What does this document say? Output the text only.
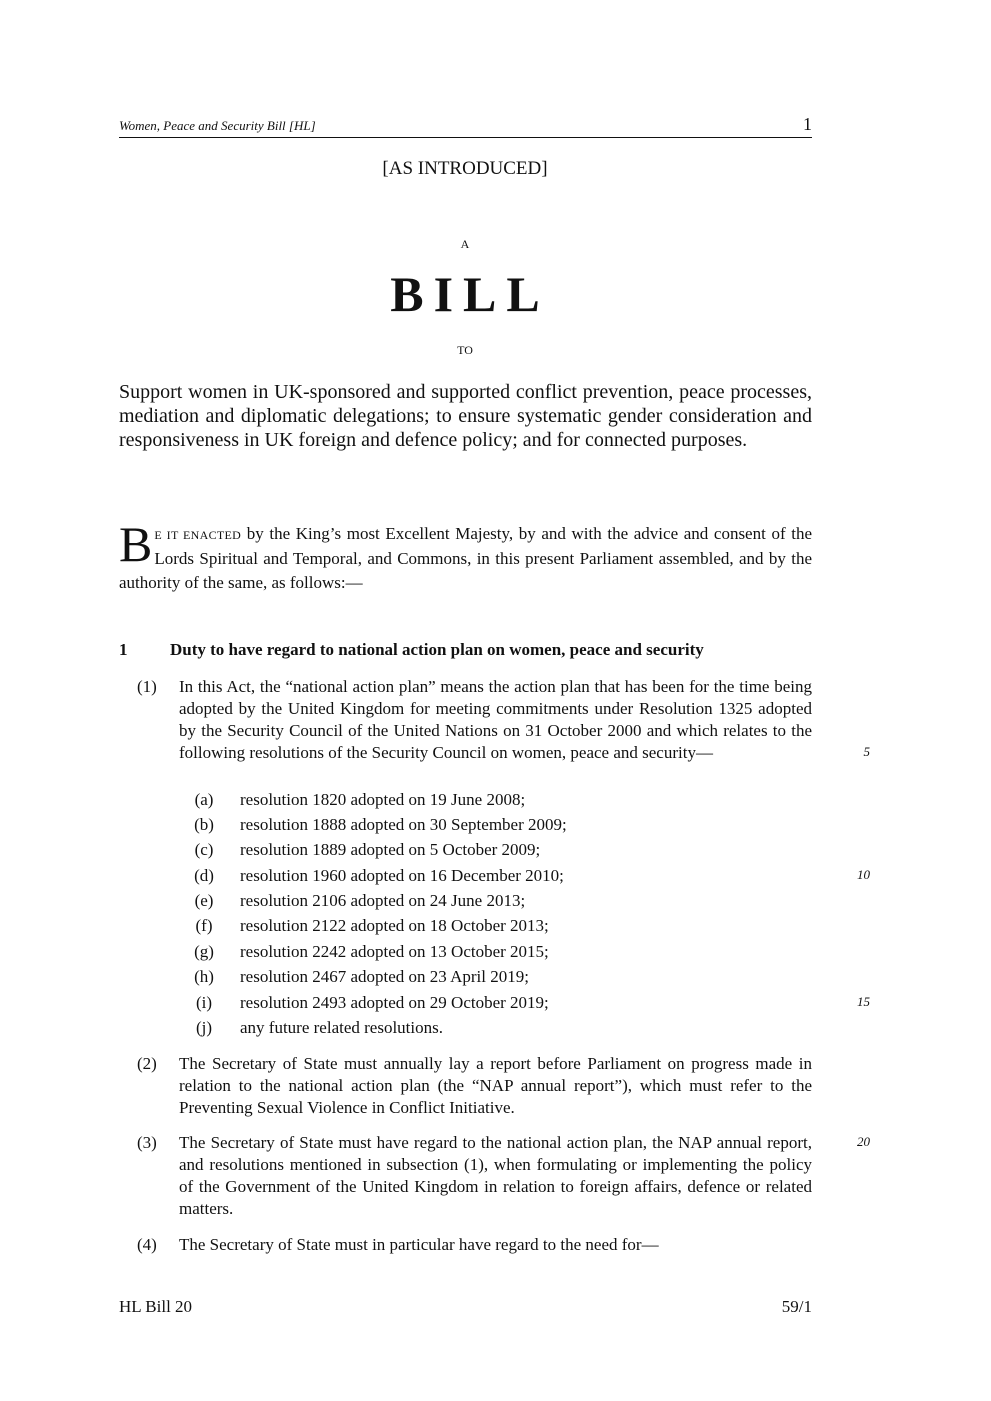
Women, Peace and Security Bill [HL]	1
[AS INTRODUCED]
A
BILL
TO
Support women in UK-sponsored and supported conflict prevention, peace processes, mediation and diplomatic delegations; to ensure systematic gender consideration and responsiveness in UK foreign and defence policy; and for connected purposes.
B E IT ENACTED by the King’s most Excellent Majesty, by and with the advice and consent of the Lords Spiritual and Temporal, and Commons, in this present Parliament assembled, and by the authority of the same, as follows:—
1	Duty to have regard to national action plan on women, peace and security
(1) In this Act, the “national action plan” means the action plan that has been for the time being adopted by the United Kingdom for meeting commitments under Resolution 1325 adopted by the Security Council of the United Nations on 31 October 2000 and which relates to the following resolutions of the Security Council on women, peace and security—
(a)	resolution 1820 adopted on 19 June 2008;
(b)	resolution 1888 adopted on 30 September 2009;
(c)	resolution 1889 adopted on 5 October 2009;
(d)	resolution 1960 adopted on 16 December 2010;
(e)	resolution 2106 adopted on 24 June 2013;
(f)	resolution 2122 adopted on 18 October 2013;
(g)	resolution 2242 adopted on 13 October 2015;
(h)	resolution 2467 adopted on 23 April 2019;
(i)	resolution 2493 adopted on 29 October 2019;
(j)	any future related resolutions.
(2) The Secretary of State must annually lay a report before Parliament on progress made in relation to the national action plan (the “NAP annual report”), which must refer to the Preventing Sexual Violence in Conflict Initiative.
(3) The Secretary of State must have regard to the national action plan, the NAP annual report, and resolutions mentioned in subsection (1), when formulating or implementing the policy of the Government of the United Kingdom in relation to foreign affairs, defence or related matters.
(4) The Secretary of State must in particular have regard to the need for—
5
10
15
20
HL Bill 20	59/1
